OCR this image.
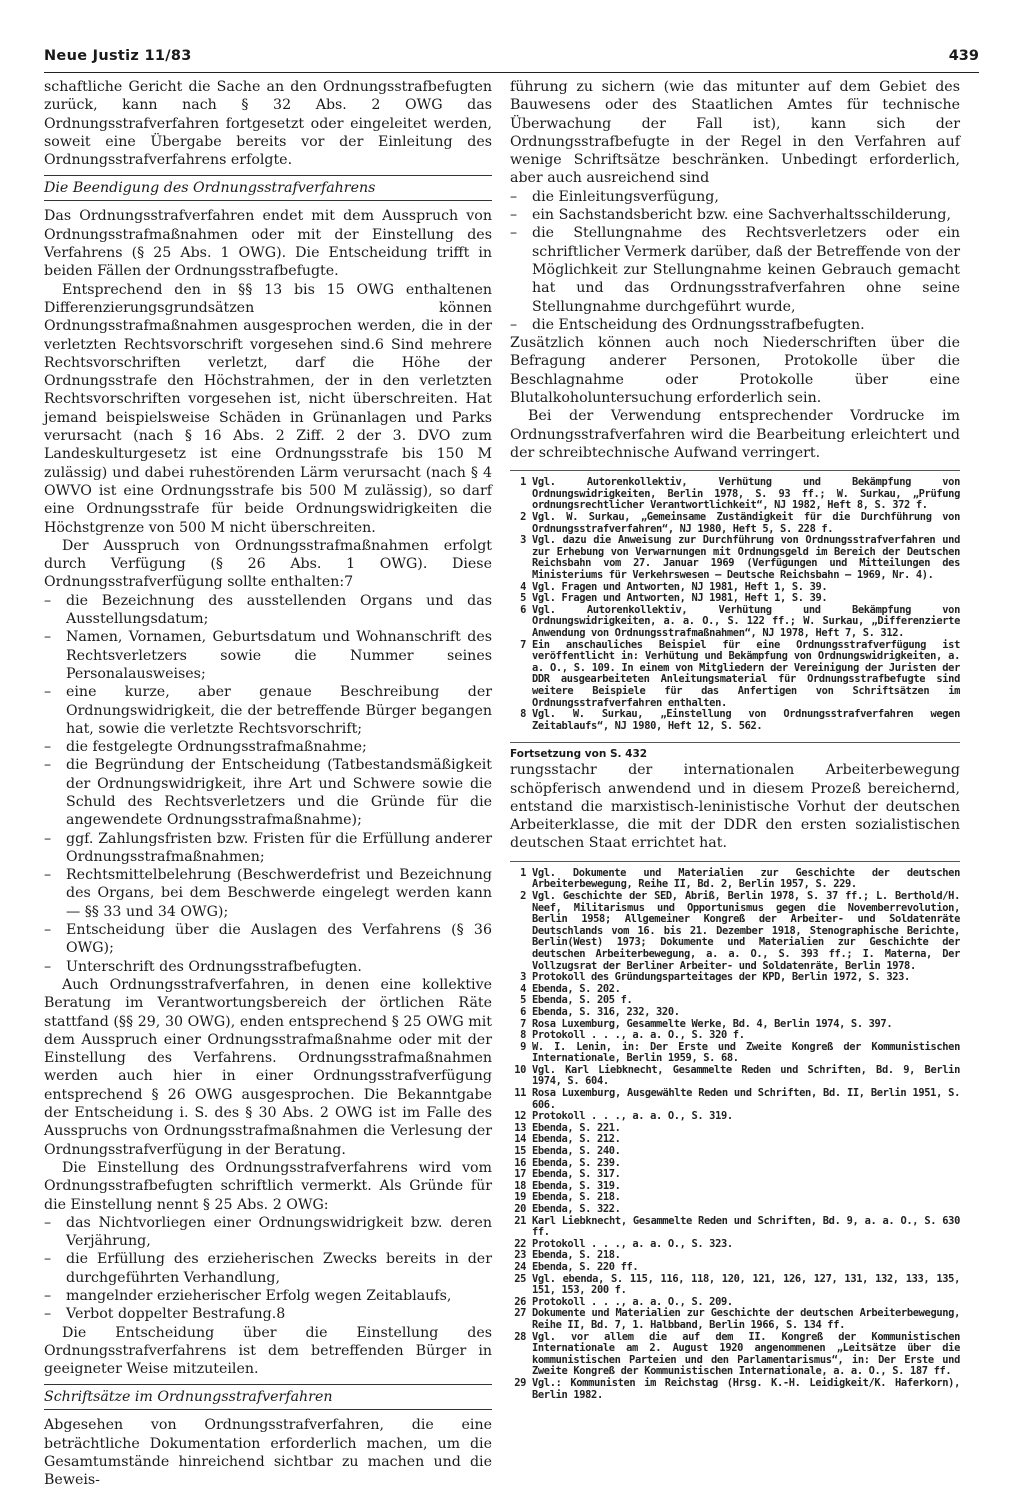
Neue Justiz 11/83	439

schaftliche Gericht die Sache an den Ordnungsstrafbefugten zurück, kann nach § 32 Abs. 2 OWG das Ordnungsstrafverfahren fortgesetzt oder eingeleitet werden, soweit eine Übergabe bereits vor der Einleitung des Ordnungsstrafverfahrens erfolgte.

Die Beendigung des Ordnungsstrafverfahrens

Das Ordnungsstrafverfahren endet mit dem Ausspruch von Ordnungsstrafmaßnahmen oder mit der Einstellung des Verfahrens (§ 25 Abs. 1 OWG). Die Entscheidung trifft in beiden Fällen der Ordnungsstrafbefugte.

Entsprechend den in §§ 13 bis 15 OWG enthaltenen Differenzierungsgrundsätzen können Ordnungsstrafmaßnahmen ausgesprochen werden, die in der verletzten Rechtsvorschrift vorgesehen sind.6 Sind mehrere Rechtsvorschriften verletzt, darf die Höhe der Ordnungsstrafe den Höchstrahmen, der in den verletzten Rechtsvorschriften vorgesehen ist, nicht überschreiten. Hat jemand beispielsweise Schäden in Grünanlagen und Parks verursacht (nach § 16 Abs. 2 Ziff. 2 der 3. DVO zum Landeskulturgesetz ist eine Ordnungsstrafe bis 150 M zulässig) und dabei ruhestörenden Lärm verursacht (nach § 4 OWVO ist eine Ordnungsstrafe bis 500 M zulässig), so darf eine Ordnungsstrafe für beide Ordnungswidrigkeiten die Höchstgrenze von 500 M nicht überschreiten.

Der Ausspruch von Ordnungsstrafmaßnahmen erfolgt durch Verfügung (§ 26 Abs. 1 OWG). Diese Ordnungsstrafverfügung sollte enthalten:7

– die Bezeichnung des ausstellenden Organs und das Ausstellungsdatum;
– Namen, Vornamen, Geburtsdatum und Wohnanschrift des Rechtsverletzers sowie die Nummer seines Personalausweises;
– eine kurze, aber genaue Beschreibung der Ordnungswidrigkeit, die der betreffende Bürger begangen hat, sowie die verletzte Rechtsvorschrift;
– die festgelegte Ordnungsstrafmaßnahme;
– die Begründung der Entscheidung (Tatbestandsmäßigkeit der Ordnungswidrigkeit, ihre Art und Schwere sowie die Schuld des Rechtsverletzers und die Gründe für die angewendete Ordnungsstrafmaßnahme);
– ggf. Zahlungsfristen bzw. Fristen für die Erfüllung anderer Ordnungsstrafmaßnahmen;
– Rechtsmittelbelehrung (Beschwerdefrist und Bezeichnung des Organs, bei dem Beschwerde eingelegt werden kann — §§ 33 und 34 OWG);
– Entscheidung über die Auslagen des Verfahrens (§ 36 OWG);
– Unterschrift des Ordnungsstrafbefugten.

Auch Ordnungsstrafverfahren, in denen eine kollektive Beratung im Verantwortungsbereich der örtlichen Räte stattfand (§§ 29, 30 OWG), enden entsprechend § 25 OWG mit dem Ausspruch einer Ordnungsstrafmaßnahme oder mit der Einstellung des Verfahrens. Ordnungsstrafmaßnahmen werden auch hier in einer Ordnungsstrafverfügung entsprechend § 26 OWG ausgesprochen. Die Bekanntgabe der Entscheidung i. S. des § 30 Abs. 2 OWG ist im Falle des Ausspruchs von Ordnungsstrafmaßnahmen die Verlesung der Ordnungsstrafverfügung in der Beratung.

Die Einstellung des Ordnungsstrafverfahrens wird vom Ordnungsstrafbefugten schriftlich vermerkt. Als Gründe für die Einstellung nennt § 25 Abs. 2 OWG:

– das Nichtvorliegen einer Ordnungswidrigkeit bzw. deren Verjährung,
– die Erfüllung des erzieherischen Zwecks bereits in der durchgeführten Verhandlung,
– mangelnder erzieherischer Erfolg wegen Zeitablaufs,
– Verbot doppelter Bestrafung.8

Die Entscheidung über die Einstellung des Ordnungsstrafverfahrens ist dem betreffenden Bürger in geeigneter Weise mitzuteilen.

Schriftsätze im Ordnungsstrafverfahren

Abgesehen von Ordnungsstrafverfahren, die eine beträchtliche Dokumentation erforderlich machen, um die Gesamtumstände hinreichend sichtbar zu machen und die Beweis-

führung zu sichern (wie das mitunter auf dem Gebiet des Bauwesens oder des Staatlichen Amtes für technische Überwachung der Fall ist), kann sich der Ordnungsstrafbefugte in der Regel in den Verfahren auf wenige Schriftsätze beschränken. Unbedingt erforderlich, aber auch ausreichend sind

– die Einleitungsverfügung,
– ein Sachstandsbericht bzw. eine Sachverhaltsschilderung,
– die Stellungnahme des Rechtsverletzers oder ein schriftlicher Vermerk darüber, daß der Betreffende von der Möglichkeit zur Stellungnahme keinen Gebrauch gemacht hat und das Ordnungsstrafverfahren ohne seine Stellungnahme durchgeführt wurde,
– die Entscheidung des Ordnungsstrafbefugten.

Zusätzlich können auch noch Niederschriften über die Befragung anderer Personen, Protokolle über die Beschlagnahme oder Protokolle über eine Blutalkoholuntersuchung erforderlich sein.

Bei der Verwendung entsprechender Vordrucke im Ordnungsstrafverfahren wird die Bearbeitung erleichtert und der schreibtechnische Aufwand verringert.

1 Vgl. Autorenkollektiv, Verhütung und Bekämpfung von Ordnungswidrigkeiten, Berlin 1978, S. 93 ff.; W. Surkau, „Prüfung ordnungsrechtlicher Verantwortlichkeit“, NJ 1982, Heft 8, S. 372 f.
2 Vgl. W. Surkau, „Gemeinsame Zuständigkeit für die Durchführung von Ordnungsstrafverfahren“, NJ 1980, Heft 5, S. 228 f.
3 Vgl. dazu die Anweisung zur Durchführung von Ordnungsstrafverfahren und zur Erhebung von Verwarnungen mit Ordnungsgeld im Bereich der Deutschen Reichsbahn vom 27. Januar 1969 (Verfügungen und Mitteilungen des Ministeriums für Verkehrswesen — Deutsche Reichsbahn — 1969, Nr. 4).
4 Vgl. Fragen und Antworten, NJ 1981, Heft 1, S. 39.
5 Vgl. Fragen und Antworten, NJ 1981, Heft 1, S. 39.
6 Vgl. Autorenkollektiv, Verhütung und Bekämpfung von Ordnungswidrigkeiten, a. a. O., S. 122 ff.; W. Surkau, „Differenzierte Anwendung von Ordnungsstrafmaßnahmen“, NJ 1978, Heft 7, S. 312.
7 Ein anschauliches Beispiel für eine Ordnungsstrafverfügung ist veröffentlicht in: Verhütung und Bekämpfung von Ordnungswidrigkeiten, a. a. O., S. 109. In einem von Mitgliedern der Vereinigung der Juristen der DDR ausgearbeiteten Anleitungsmaterial für Ordnungsstrafbefugte sind weitere Beispiele für das Anfertigen von Schriftsätzen im Ordnungsstrafverfahren enthalten.
8 Vgl. W. Surkau, „Einstellung von Ordnungsstrafverfahren wegen Zeitablaufs“, NJ 1980, Heft 12, S. 562.
Fortsetzung von S. 432

rungsstachr der internationalen Arbeiterbewegung schöpferisch anwendend und in diesem Prozeß bereichernd, entstand die marxistisch-leninistische Vorhut der deutschen Arbeiterklasse, die mit der DDR den ersten sozialistischen deutschen Staat errichtet hat.

1 Vgl. Dokumente und Materialien zur Geschichte der deutschen Arbeiterbewegung, Reihe II, Bd. 2, Berlin 1957, S. 229.
2 Vgl. Geschichte der SED, Abriß, Berlin 1978, S. 37 ff.; L. Berthold/H. Neef, Militarismus und Opportunismus gegen die Novemberrevolution, Berlin 1958; Allgemeiner Kongreß der Arbeiter- und Soldatenräte Deutschlands vom 16. bis 21. Dezember 1918, Stenographische Berichte, Berlin(West) 1973; Dokumente und Materialien zur Geschichte der deutschen Arbeiterbewegung, a. a. O., S. 393 ff.; I. Materna, Der Vollzugsrat der Berliner Arbeiter- und Soldatenräte, Berlin 1978.
3 Protokoll des Gründungsparteitages der KPD, Berlin 1972, S. 323.
4 Ebenda, S. 202.
5 Ebenda, S. 205 f.
6 Ebenda, S. 316, 232, 320.
7 Rosa Luxemburg, Gesammelte Werke, Bd. 4, Berlin 1974, S. 397.
8 Protokoll . . ., a. a. O., S. 320 f.
9 W. I. Lenin, in: Der Erste und Zweite Kongreß der Kommunistischen Internationale, Berlin 1959, S. 68.
10 Vgl. Karl Liebknecht, Gesammelte Reden und Schriften, Bd. 9, Berlin 1974, S. 604.
11 Rosa Luxemburg, Ausgewählte Reden und Schriften, Bd. II, Berlin 1951, S. 606.
12 Protokoll . . ., a. a. O., S. 319.
13 Ebenda, S. 221.
14 Ebenda, S. 212.
15 Ebenda, S. 240.
16 Ebenda, S. 239.
17 Ebenda, S. 317.
18 Ebenda, S. 319.
19 Ebenda, S. 218.
20 Ebenda, S. 322.
21 Karl Liebknecht, Gesammelte Reden und Schriften, Bd. 9, a. a. O., S. 630 ff.
22 Protokoll . . ., a. a. O., S. 323.
23 Ebenda, S. 218.
24 Ebenda, S. 220 ff.
25 Vgl. ebenda, S. 115, 116, 118, 120, 121, 126, 127, 131, 132, 133, 135, 151, 153, 200 f.
26 Protokoll . . ., a. a. O., S. 209.
27 Dokumente und Materialien zur Geschichte der deutschen Arbeiterbewegung, Reihe II, Bd. 7, 1. Halbband, Berlin 1966, S. 134 ff.
28 Vgl. vor allem die auf dem II. Kongreß der Kommunistischen Internationale am 2. August 1920 angenommenen „Leitsätze über die kommunistischen Parteien und den Parlamentarismus“, in: Der Erste und Zweite Kongreß der Kommunistischen Internationale, a. a. O., S. 187 ff.
29 Vgl.: Kommunisten im Reichstag (Hrsg. K.-H. Leidigkeit/K. Haferkorn), Berlin 1982.
